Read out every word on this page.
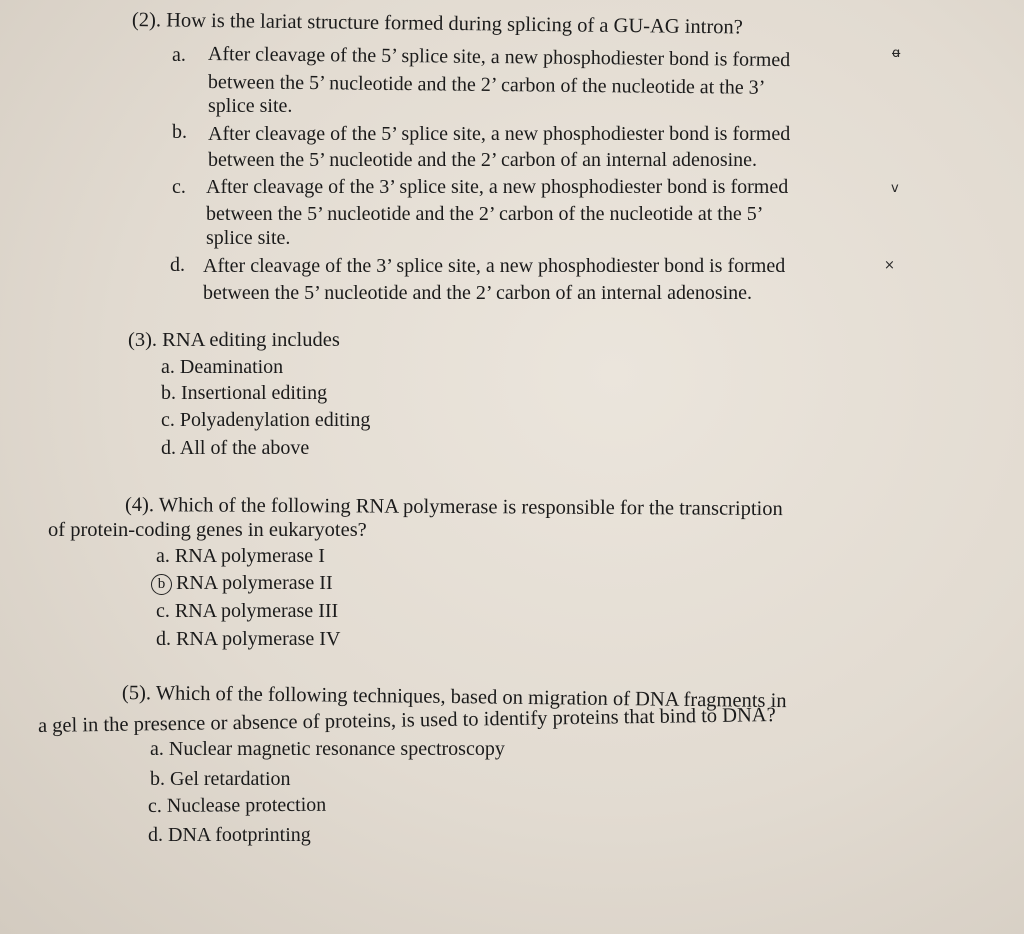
(2). How is the lariat structure formed during splicing of a GU-AG intron?
a. After cleavage of the 5’ splice site, a new phosphodiester bond is formed
between the 5’ nucleotide and the 2’ carbon of the nucleotide at the 3’
splice site.
ɑ̶
b. After cleavage of the 5’ splice site, a new phosphodiester bond is formed
between the 5’ nucleotide and the 2’ carbon of an internal adenosine.
c. After cleavage of the 3’ splice site, a new phosphodiester bond is formed
between the 5’ nucleotide and the 2’ carbon of the nucleotide at the 5’
splice site.
v
d. After cleavage of the 3’ splice site, a new phosphodiester bond is formed
between the 5’ nucleotide and the 2’ carbon of an internal adenosine.
×
(3). RNA editing includes
a. Deamination
b. Insertional editing
c. Polyadenylation editing
d. All of the above
(4). Which of the following RNA polymerase is responsible for the transcription
of protein-coding genes in eukaryotes?
a. RNA polymerase I
b RNA polymerase II
c. RNA polymerase III
d. RNA polymerase IV
(5). Which of the following techniques, based on migration of DNA fragments in
a gel in the presence or absence of proteins, is used to identify proteins that bind to DNA?
a. Nuclear magnetic resonance spectroscopy
b. Gel retardation
c. Nuclease protection
d. DNA footprinting
